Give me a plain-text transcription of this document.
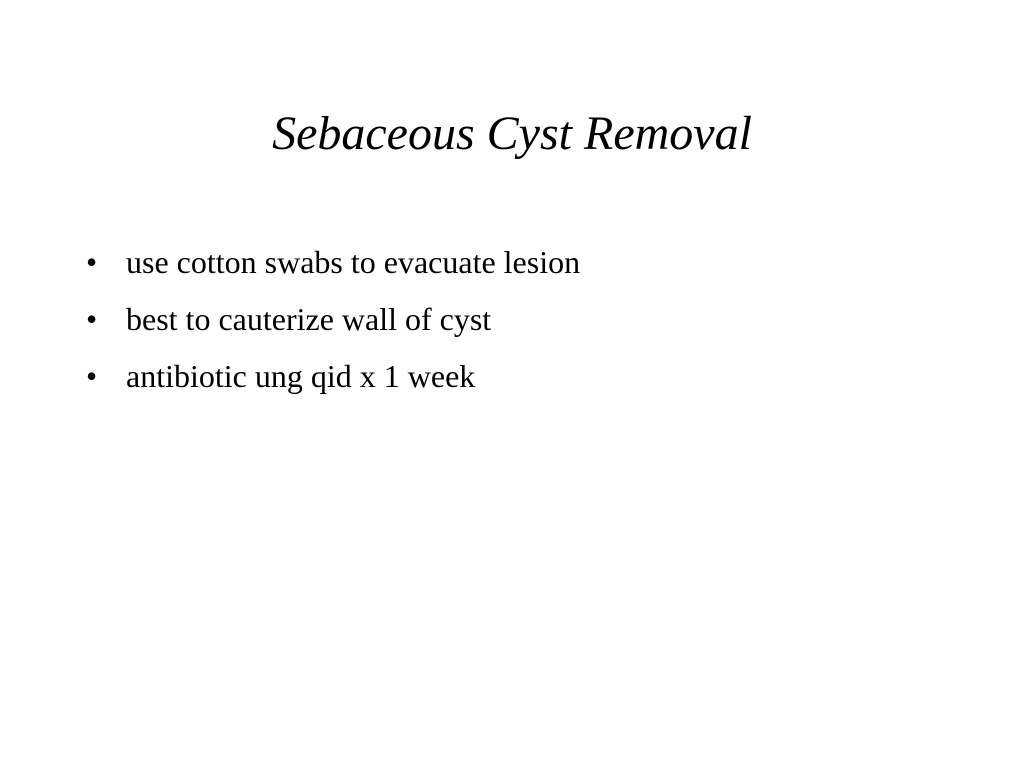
Sebaceous Cyst Removal
• use cotton swabs to evacuate lesion
• best to cauterize wall of cyst
• antibiotic ung qid x 1 week
